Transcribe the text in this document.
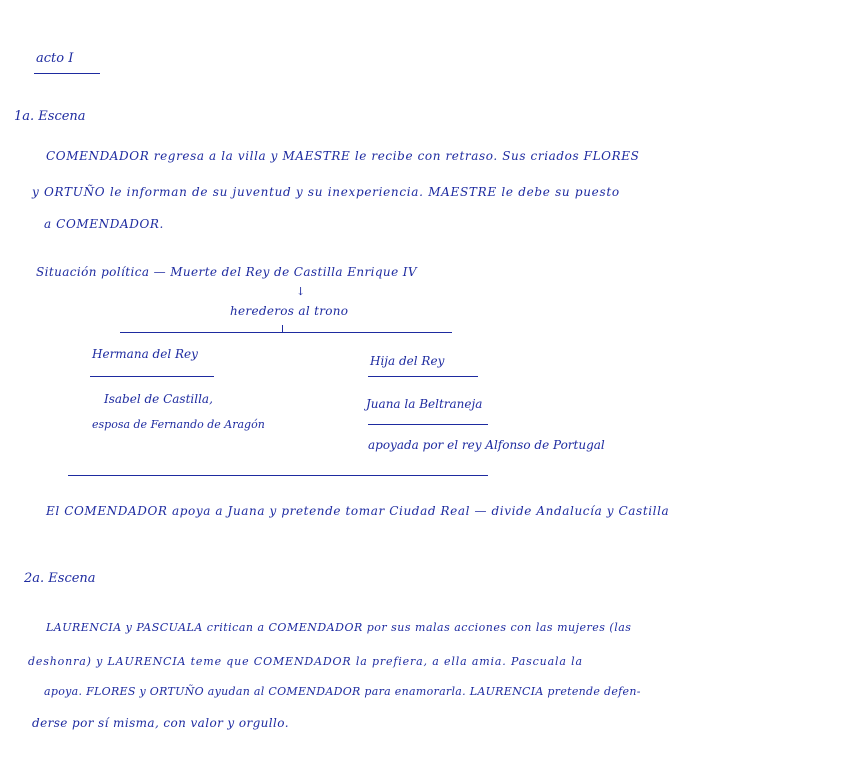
acto I
1a. Escena
COMENDADOR regresa a la villa y MAESTRE le recibe con retraso. Sus criados FLORES
y ORTUÑO le informan de su juventud y su inexperiencia. MAESTRE le debe su puesto
a COMENDADOR.
Situación política — Muerte del Rey de Castilla Enrique IV
↓
herederos al trono
Hermana del Rey
Isabel de Castilla,
esposa de Fernando de Aragón
Hija del Rey
Juana la Beltraneja
apoyada por el rey Alfonso de Portugal
El COMENDADOR apoya a Juana y pretende tomar Ciudad Real — divide Andalucía y Castilla
2a. Escena
LAURENCIA y PASCUALA critican a COMENDADOR por sus malas acciones con las mujeres (las
deshonra) y LAURENCIA teme que COMENDADOR la prefiera, a ella amia. Pascuala la
apoya. FLORES y ORTUÑO ayudan al COMENDADOR para enamorarla. LAURENCIA pretende defen-
derse por sí misma, con valor y orgullo.
